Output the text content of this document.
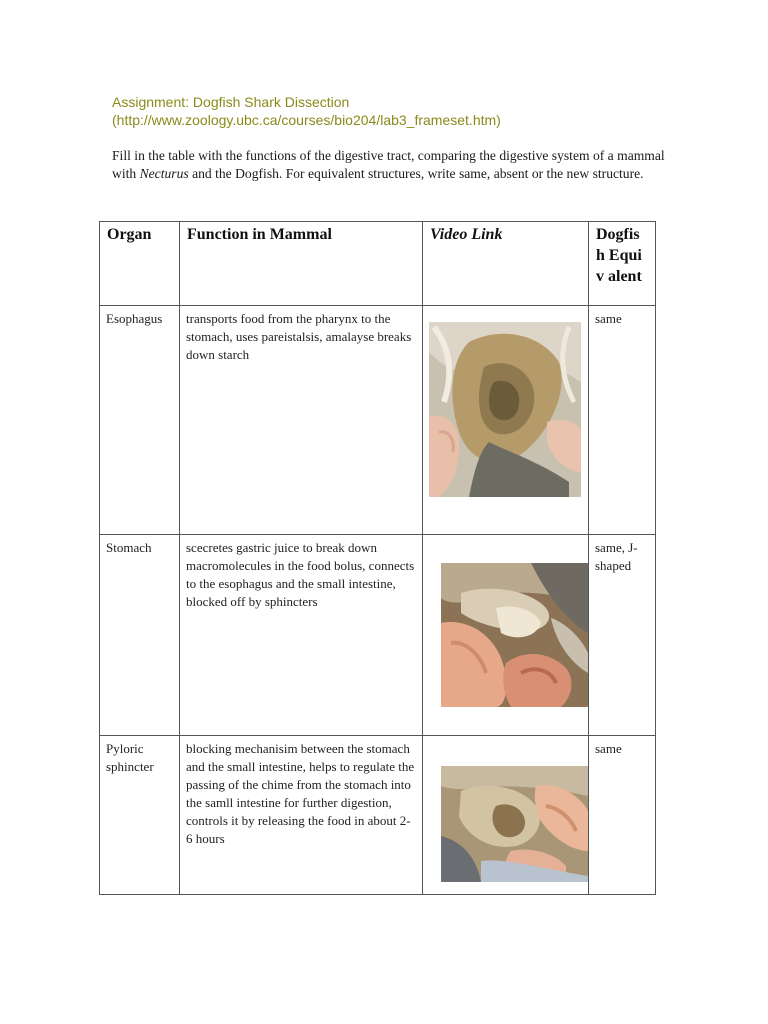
Assignment: Dogfish Shark Dissection
(http://www.zoology.ubc.ca/courses/bio204/lab3_frameset.htm)
Fill in the table with the functions of the digestive tract, comparing the digestive system of a mammal with Necturus and the Dogfish. For equivalent structures, write same, absent or the new structure.
Organ	Function in Mammal	Video Link	Dogfis h Equiv alent

Esophagus	transports food from the pharynx to the stomach, uses pareistalsis, amalayse breaks down starch		same

Stomach	scecretes gastric juice to break down macromolecules in the food bolus, connects to the esophagus and the small intestine, blocked off by sphincters		same, J-shaped

Pyloric sphincter	blocking mechanisim between the stomach and the small intestine, helps to regulate the passing of the chime from the stomach into the samll intestine for further digestion, controls it by releasing the food in about 2-6 hours		same
